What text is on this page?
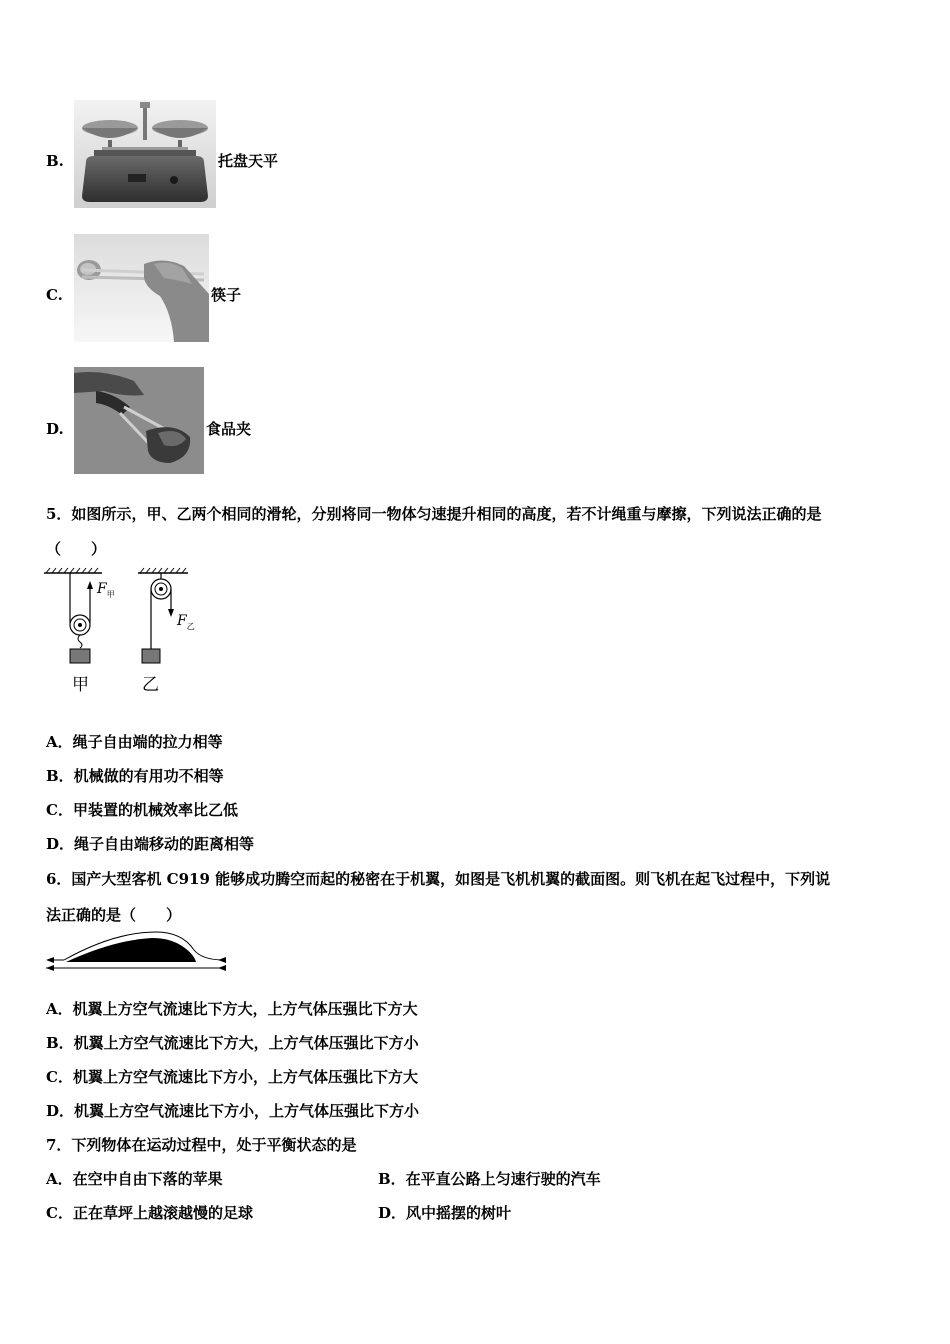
B.	托盘天平
C.	筷子
D.	食品夹
5．如图所示，甲、乙两个相同的滑轮，分别将同一物体匀速提升相同的高度，若不计绳重与摩擦，下列说法正确的是
（　　）
$F_甲$
$F_乙$
甲	乙
A．绳子自由端的拉力相等
B．机械做的有用功不相等
C．甲装置的机械效率比乙低
D．绳子自由端移动的距离相等
6．国产大型客机 C919 能够成功腾空而起的秘密在于机翼，如图是飞机机翼的截面图。则飞机在起飞过程中，下列说
法正确的是（　　）
A．机翼上方空气流速比下方大，上方气体压强比下方大
B．机翼上方空气流速比下方大，上方气体压强比下方小
C．机翼上方空气流速比下方小，上方气体压强比下方大
D．机翼上方空气流速比下方小，上方气体压强比下方小
7．下列物体在运动过程中，处于平衡状态的是
A．在空中自由下落的苹果	B．在平直公路上匀速行驶的汽车
C．正在草坪上越滚越慢的足球	D．风中摇摆的树叶
